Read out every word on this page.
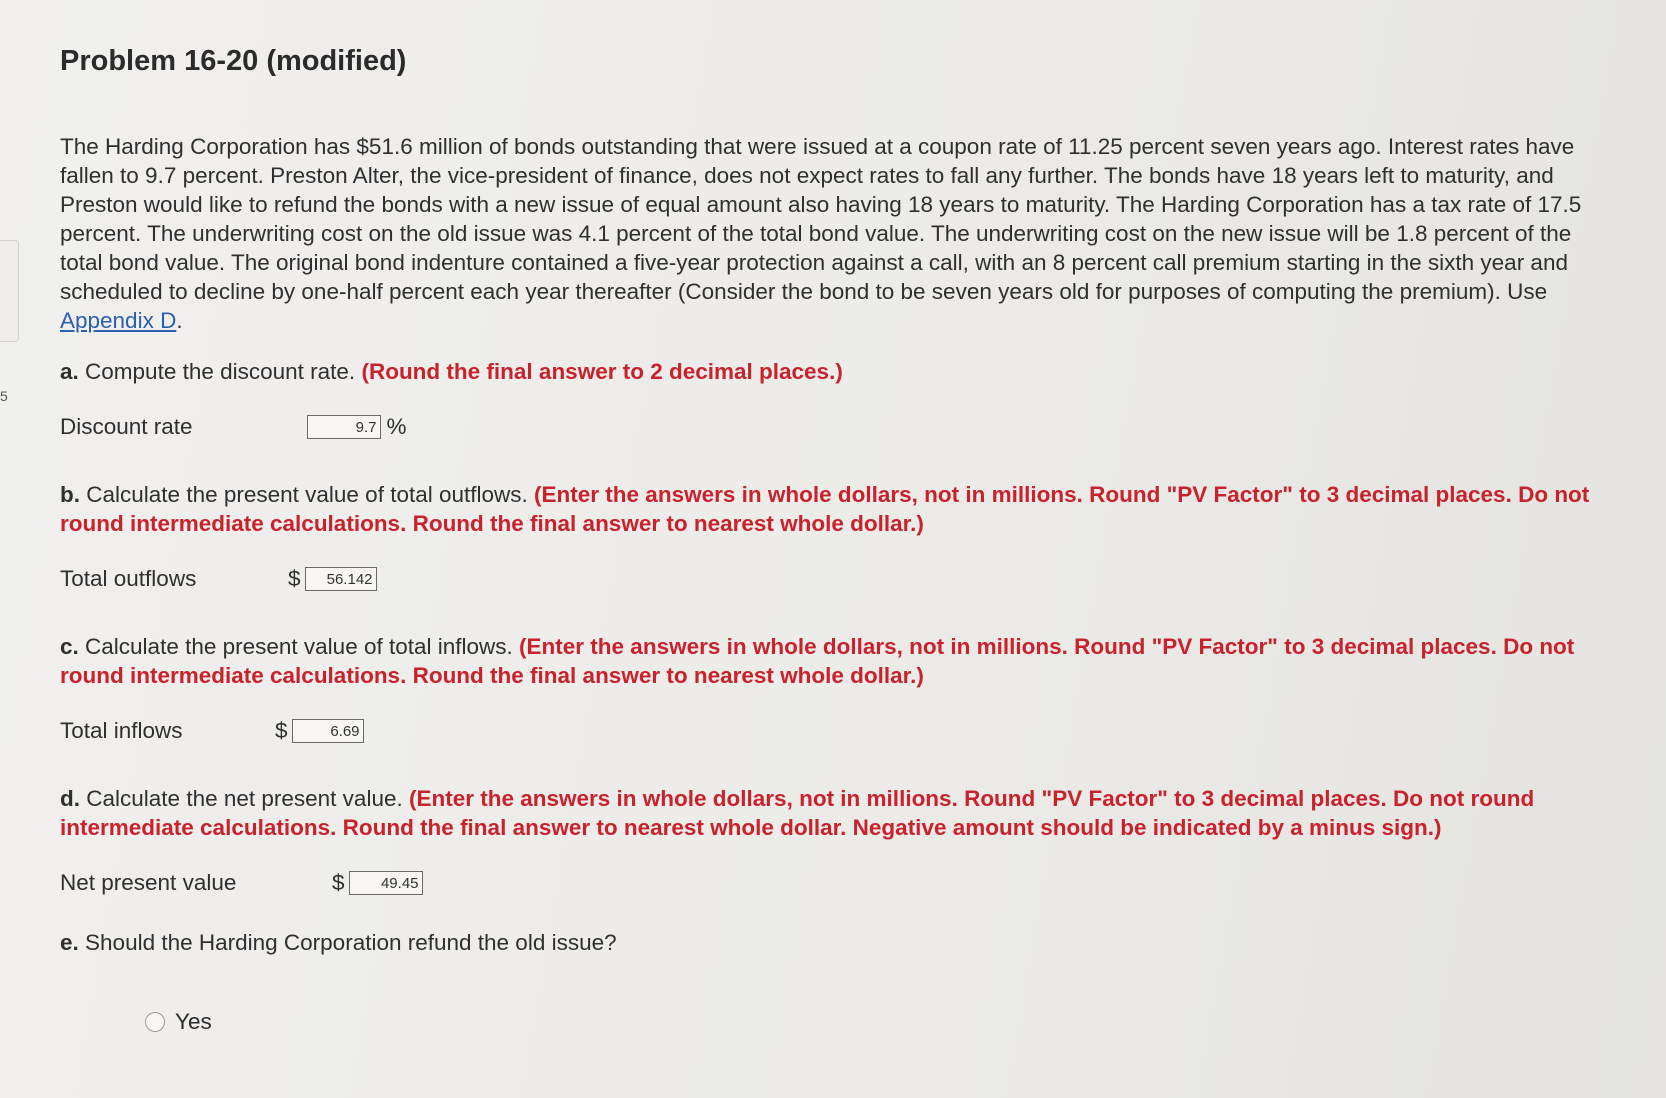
5
Problem 16-20 (modified)

The Harding Corporation has $51.6 million of bonds outstanding that were issued at a coupon rate of 11.25 percent seven years ago. Interest rates have fallen to 9.7 percent. Preston Alter, the vice-president of finance, does not expect rates to fall any further. The bonds have 18 years left to maturity, and Preston would like to refund the bonds with a new issue of equal amount also having 18 years to maturity. The Harding Corporation has a tax rate of 17.5 percent. The underwriting cost on the old issue was 4.1 percent of the total bond value. The underwriting cost on the new issue will be 1.8 percent of the total bond value. The original bond indenture contained a five-year protection against a call, with an 8 percent call premium starting in the sixth year and scheduled to decline by one-half percent each year thereafter (Consider the bond to be seven years old for purposes of computing the premium). Use Appendix D.

a. Compute the discount rate. (Round the final answer to 2 decimal places.)

Discount rate	9.7 %

b. Calculate the present value of total outflows. (Enter the answers in whole dollars, not in millions. Round "PV Factor" to 3 decimal places. Do not round intermediate calculations. Round the final answer to nearest whole dollar.)

Total outflows	$	56.142

c. Calculate the present value of total inflows. (Enter the answers in whole dollars, not in millions. Round "PV Factor" to 3 decimal places. Do not round intermediate calculations. Round the final answer to nearest whole dollar.)

Total inflows	$	6.69

d. Calculate the net present value. (Enter the answers in whole dollars, not in millions. Round "PV Factor" to 3 decimal places. Do not round intermediate calculations. Round the final answer to nearest whole dollar. Negative amount should be indicated by a minus sign.)

Net present value	$	49.45

e. Should the Harding Corporation refund the old issue?

Yes
